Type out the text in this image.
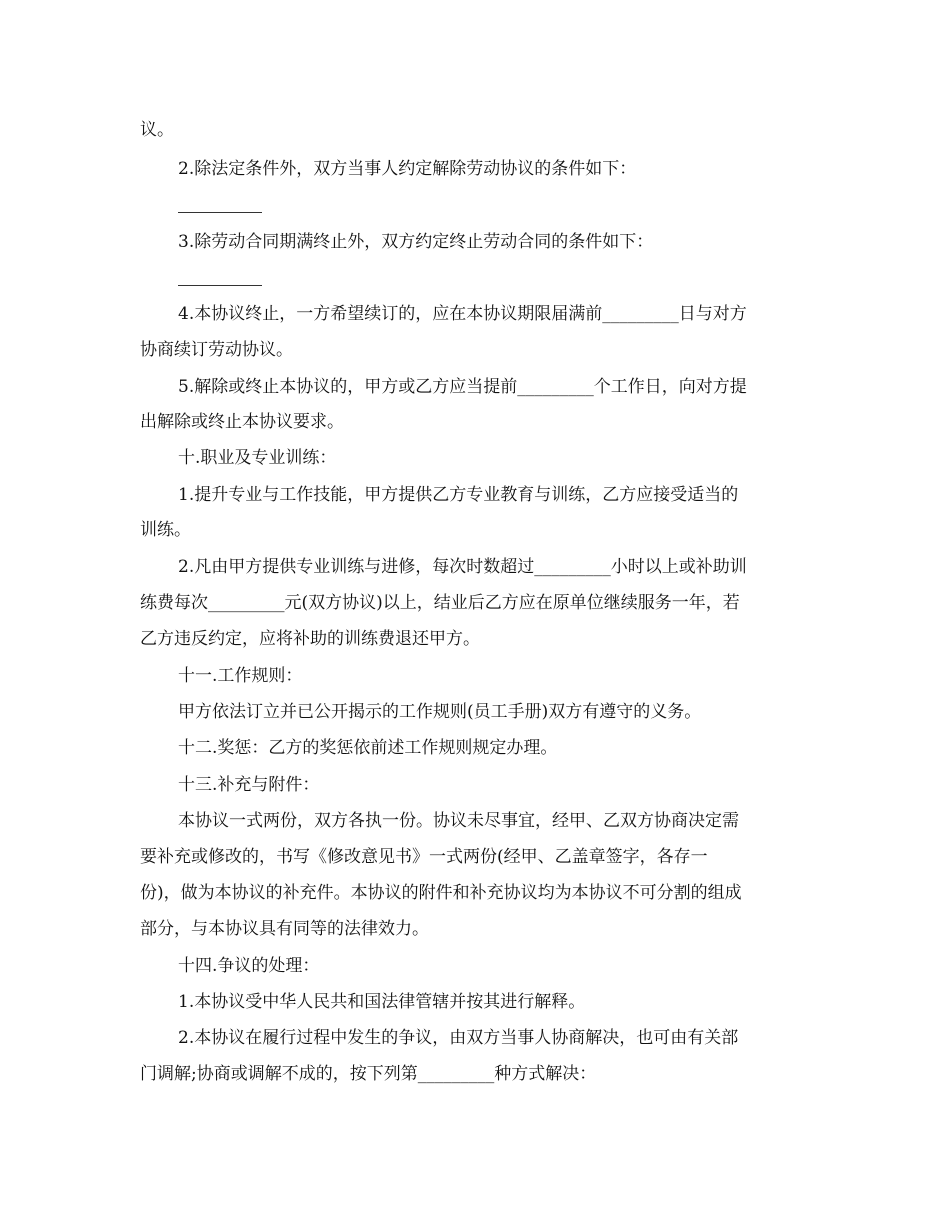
议。
2.除法定条件外，双方当事人约定解除劳动协议的条件如下：
3.除劳动合同期满终止外，双方约定终止劳动合同的条件如下：
4.本协议终止，一方希望续订的，应在本协议期限届满前_________日与对方
协商续订劳动协议。
5.解除或终止本协议的，甲方或乙方应当提前_________个工作日，向对方提
出解除或终止本协议要求。
十.职业及专业训练：
1.提升专业与工作技能，甲方提供乙方专业教育与训练，乙方应接受适当的
训练。
2.凡由甲方提供专业训练与进修，每次时数超过_________小时以上或补助训
练费每次_________元(双方协议)以上，结业后乙方应在原单位继续服务一年，若
乙方违反约定，应将补助的训练费退还甲方。
十一.工作规则：
甲方依法订立并已公开揭示的工作规则(员工手册)双方有遵守的义务。
十二.奖惩：乙方的奖惩依前述工作规则规定办理。
十三.补充与附件：
本协议一式两份，双方各执一份。协议未尽事宜，经甲、乙双方协商决定需
要补充或修改的，书写《修改意见书》一式两份(经甲、乙盖章签字，各存一
份)，做为本协议的补充件。本协议的附件和补充协议均为本协议不可分割的组成
部分，与本协议具有同等的法律效力。
十四.争议的处理：
1.本协议受中华人民共和国法律管辖并按其进行解释。
2.本协议在履行过程中发生的争议，由双方当事人协商解决，也可由有关部
门调解;协商或调解不成的，按下列第_________种方式解决：
